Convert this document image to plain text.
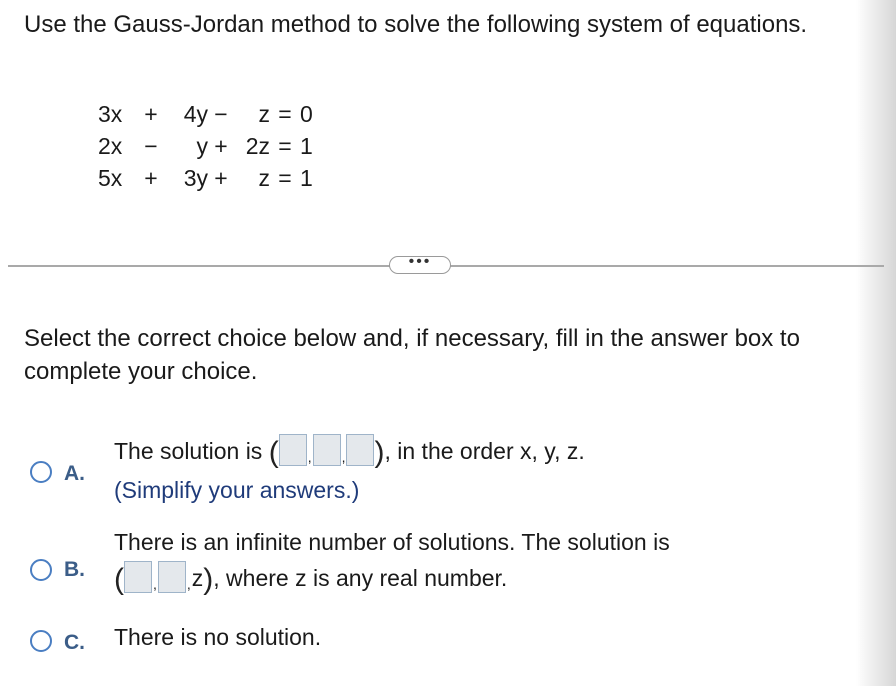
Use the Gauss-Jordan method to solve the following system of equations.

3x	+	4y	−	z	=	0
2x	−	y	+	2z	=	1
5x	+	3y	+	z	=	1
•••

Select the correct choice below and, if necessary, fill in the answer box to complete your choice.

A.
The solution is ( , , ), in the order x, y, z.
(Simplify your answers.)
B.
There is an infinite number of solutions. The solution is
( , ,z), where z is any real number.
C. There is no solution.
